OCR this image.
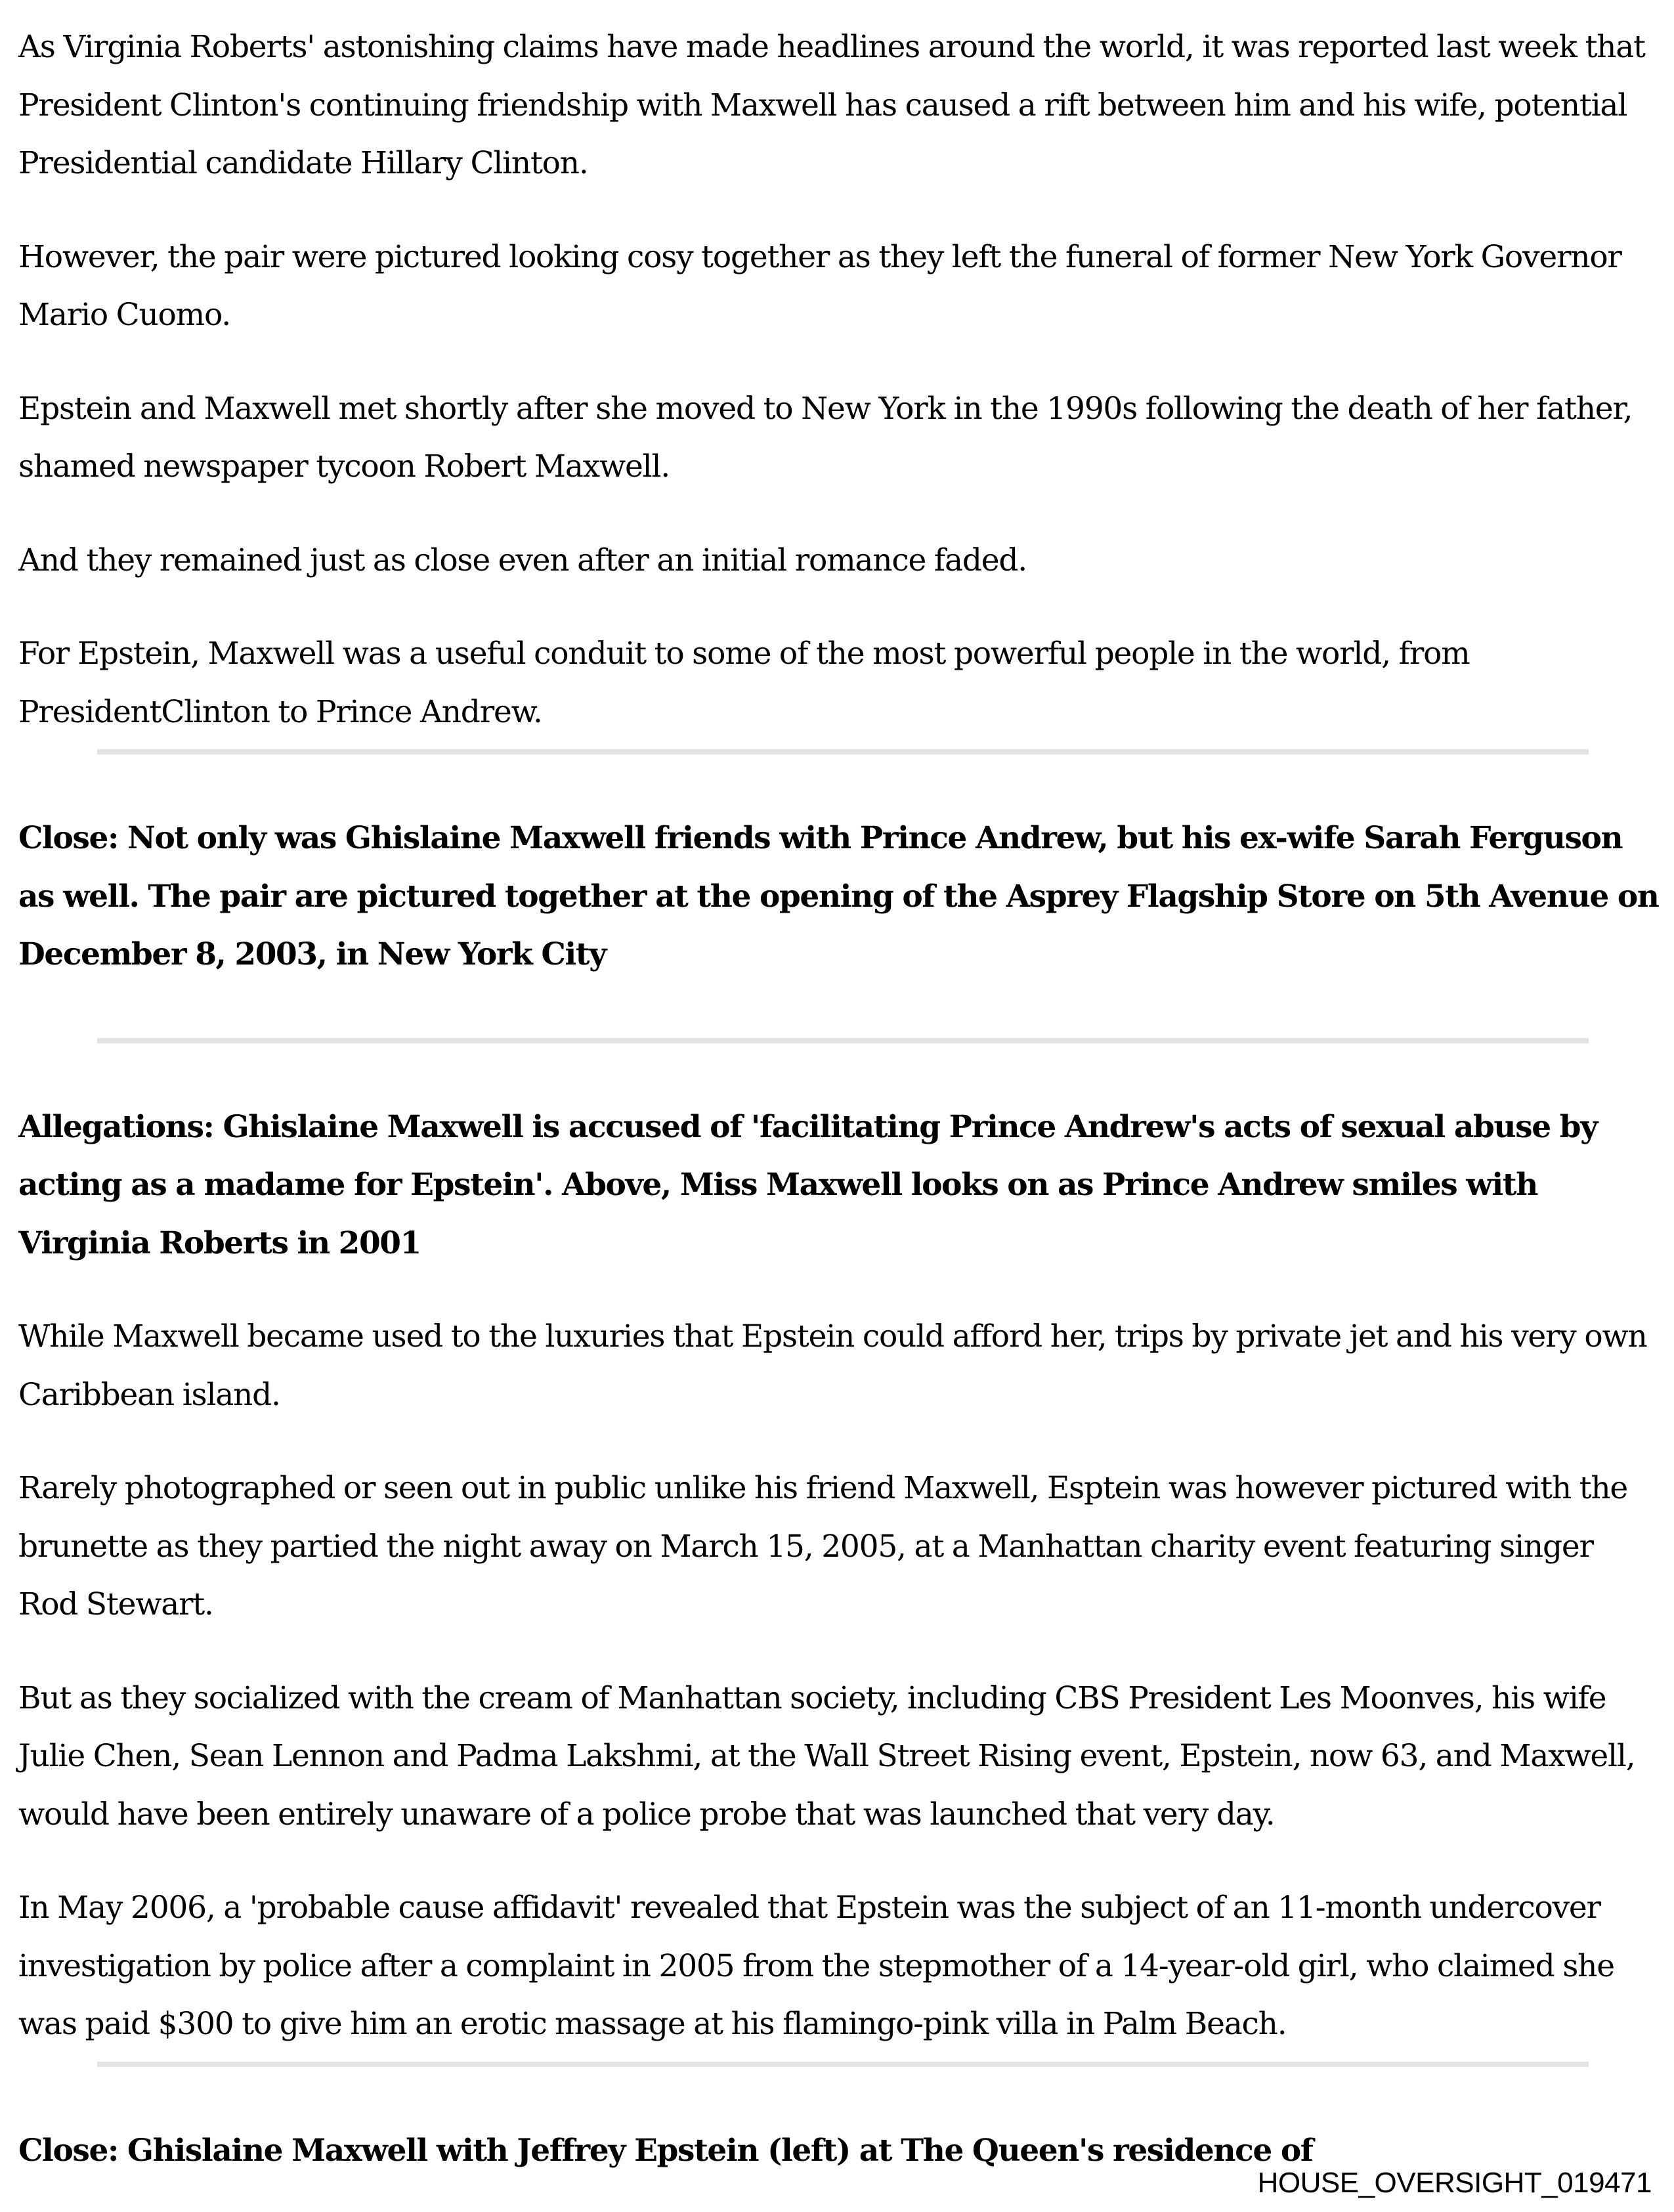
As Virginia Roberts' astonishing claims have made headlines around the world, it was reported last week that President Clinton's continuing friendship with Maxwell has caused a rift between him and his wife, potential Presidential candidate Hillary Clinton.

However, the pair were pictured looking cosy together as they left the funeral of former New York Governor Mario Cuomo.

Epstein and Maxwell met shortly after she moved to New York in the 1990s following the death of her father, shamed newspaper tycoon Robert Maxwell.

And they remained just as close even after an initial romance faded.

For Epstein, Maxwell was a useful conduit to some of the most powerful people in the world, from PresidentClinton to Prince Andrew.

Close: Not only was Ghislaine Maxwell friends with Prince Andrew, but his ex-wife Sarah Ferguson as well. The pair are pictured together at the opening of the Asprey Flagship Store on 5th Avenue on December 8, 2003, in New York City

Allegations: Ghislaine Maxwell is accused of 'facilitating Prince Andrew's acts of sexual abuse by acting as a madame for Epstein'. Above, Miss Maxwell looks on as Prince Andrew smiles with Virginia Roberts in 2001

While Maxwell became used to the luxuries that Epstein could afford her, trips by private jet and his very own Caribbean island.

Rarely photographed or seen out in public unlike his friend Maxwell, Esptein was however pictured with the brunette as they partied the night away on March 15, 2005, at a Manhattan charity event featuring singer Rod Stewart.

But as they socialized with the cream of Manhattan society, including CBS President Les Moonves, his wife Julie Chen, Sean Lennon and Padma Lakshmi, at the Wall Street Rising event, Epstein, now 63, and Maxwell, would have been entirely unaware of a police probe that was launched that very day.

In May 2006, a 'probable cause affidavit' revealed that Epstein was the subject of an 11-month undercover investigation by police after a complaint in 2005 from the stepmother of a 14-year-old girl, who claimed she was paid $300 to give him an erotic massage at his flamingo-pink villa in Palm Beach.

Close: Ghislaine Maxwell with Jeffrey Epstein (left) at The Queen's residence of

HOUSE_OVERSIGHT_019471
